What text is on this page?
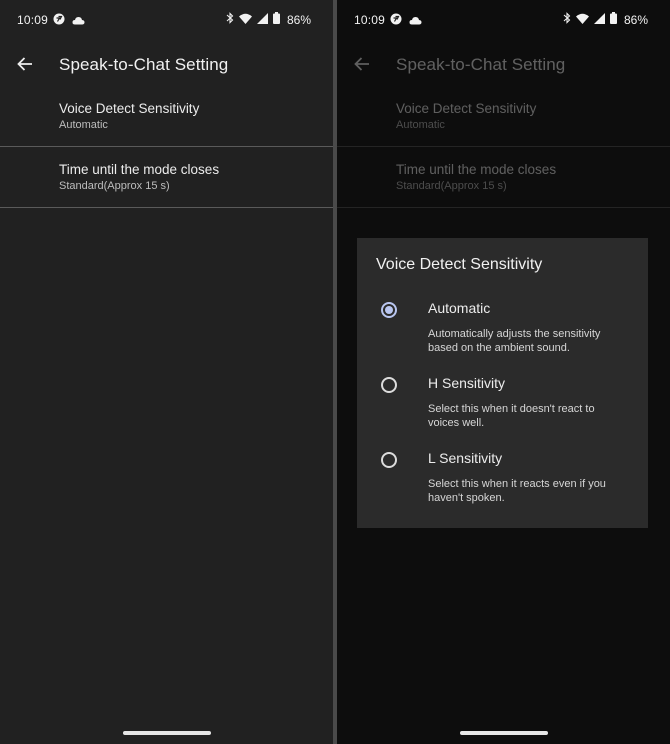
10:09	86%
Speak-to-Chat Setting
Voice Detect Sensitivity
Automatic
Time until the mode closes
Standard(Approx 15 s)
10:09	86%
Voice Detect Sensitivity
Automatic
Automatically adjusts the sensitivity based on the ambient sound.
H Sensitivity
Select this when it doesn't react to voices well.
L Sensitivity
Select this when it reacts even if you haven't spoken.
